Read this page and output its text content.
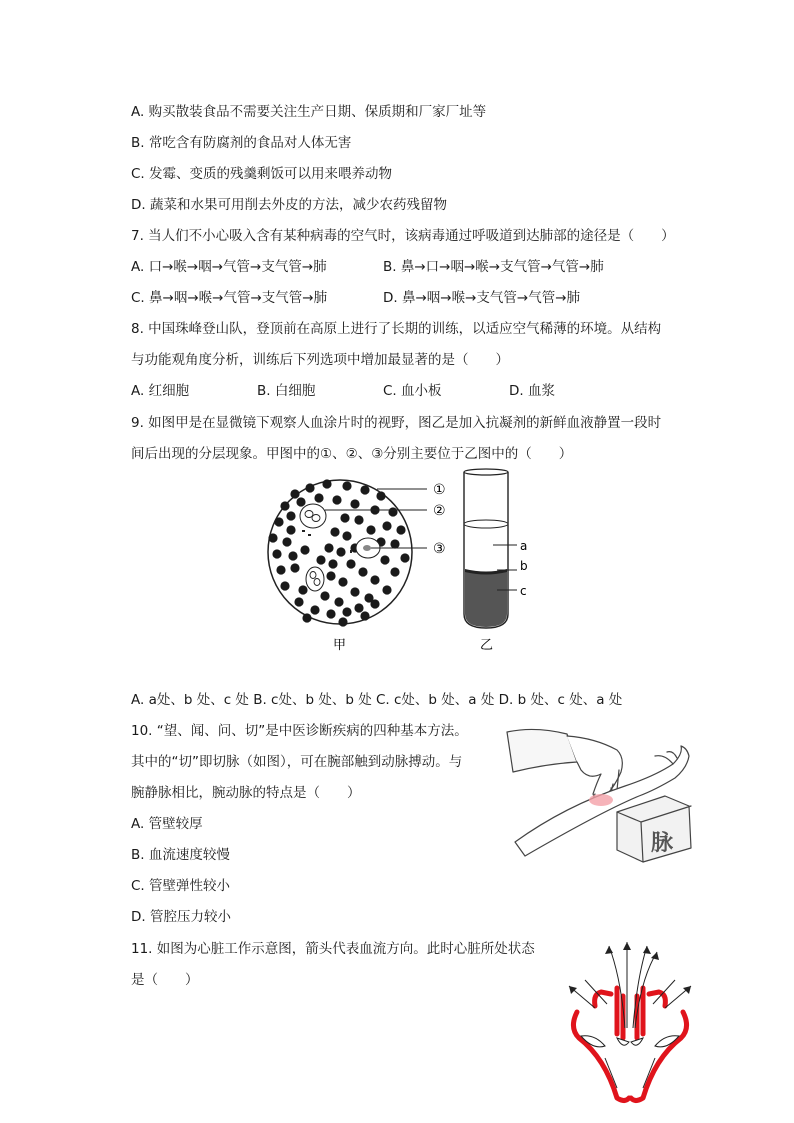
A. 购买散装食品不需要关注生产日期、保质期和厂家厂址等
B. 常吃含有防腐剂的食品对人体无害
C. 发霉、变质的残羹剩饭可以用来喂养动物
D. 蔬菜和水果可用削去外皮的方法，减少农药残留物
7. 当人们不小心吸入含有某种病毒的空气时，该病毒通过呼吸道到达肺部的途径是（　　）
A. 口→喉→咽→气管→支气管→肺	B. 鼻→口→咽→喉→支气管→气管→肺
C. 鼻→咽→喉→气管→支气管→肺	D. 鼻→咽→喉→支气管→气管→肺
8. 中国珠峰登山队，登顶前在高原上进行了长期的训练，以适应空气稀薄的环境。从结构
与功能观角度分析，训练后下列选项中增加最显著的是（　　）
A. 红细胞	B. 白细胞	C. 血小板	D. 血浆
9. 如图甲是在显微镜下观察人血涂片时的视野，图乙是加入抗凝剂的新鲜血液静置一段时
间后出现的分层现象。甲图中的①、②、③分别主要位于乙图中的（　　）
①
②
③
甲
a
b
c
乙
A. a处、b 处、c 处 B. c处、b 处、b 处 C. c处、b 处、a 处 D. b 处、c 处、a 处
10. “望、闻、问、切”是中医诊断疾病的四种基本方法。
其中的“切”即切脉（如图），可在腕部触到动脉搏动。与
腕静脉相比，腕动脉的特点是（　　）
A. 管壁较厚
B. 血流速度较慢
C. 管壁弹性较小
D. 管腔压力较小
脉
11. 如图为心脏工作示意图，箭头代表血流方向。此时心脏所处状态
是（　　）
